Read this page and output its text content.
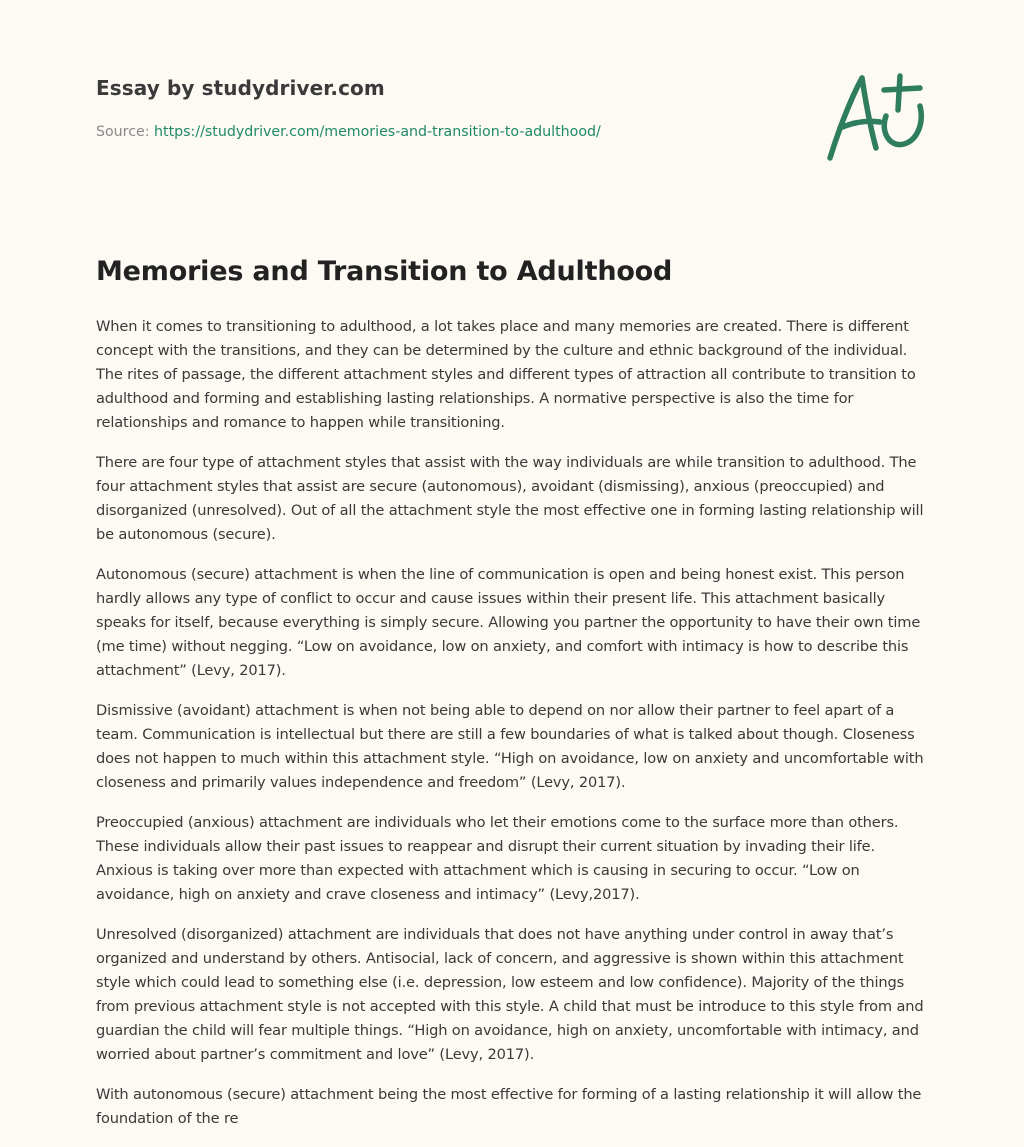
Essay by studydriver.com
Source: https://studydriver.com/memories-and-transition-to-adulthood/
Memories and Transition to Adulthood

When it comes to transitioning to adulthood, a lot takes place and many memories are created. There is different concept with the transitions, and they can be determined by the culture and ethnic background of the individual. The rites of passage, the different attachment styles and different types of attraction all contribute to transition to adulthood and forming and establishing lasting relationships. A normative perspective is also the time for relationships and romance to happen while transitioning.

There are four type of attachment styles that assist with the way individuals are while transition to adulthood. The four attachment styles that assist are secure (autonomous), avoidant (dismissing), anxious (preoccupied) and disorganized (unresolved). Out of all the attachment style the most effective one in forming lasting relationship will be autonomous (secure).

Autonomous (secure) attachment is when the line of communication is open and being honest exist. This person hardly allows any type of conflict to occur and cause issues within their present life. This attachment basically speaks for itself, because everything is simply secure. Allowing you partner the opportunity to have their own time (me time) without negging. “Low on avoidance, low on anxiety, and comfort with intimacy is how to describe this attachment” (Levy, 2017).

Dismissive (avoidant) attachment is when not being able to depend on nor allow their partner to feel apart of a team. Communication is intellectual but there are still a few boundaries of what is talked about though. Closeness does not happen to much within this attachment style. “High on avoidance, low on anxiety and uncomfortable with closeness and primarily values independence and freedom” (Levy, 2017).

Preoccupied (anxious) attachment are individuals who let their emotions come to the surface more than others. These individuals allow their past issues to reappear and disrupt their current situation by invading their life. Anxious is taking over more than expected with attachment which is causing in securing to occur. “Low on avoidance, high on anxiety and crave closeness and intimacy” (Levy,2017).

Unresolved (disorganized) attachment are individuals that does not have anything under control in away that’s organized and understand by others. Antisocial, lack of concern, and aggressive is shown within this attachment style which could lead to something else (i.e. depression, low esteem and low confidence). Majority of the things from previous attachment style is not accepted with this style. A child that must be introduce to this style from and guardian the child will fear multiple things. “High on avoidance, high on anxiety, uncomfortable with intimacy, and worried about partner’s commitment and love” (Levy, 2017).

With autonomous (secure) attachment being the most effective for forming of a lasting relationship it will allow the foundation of the re
